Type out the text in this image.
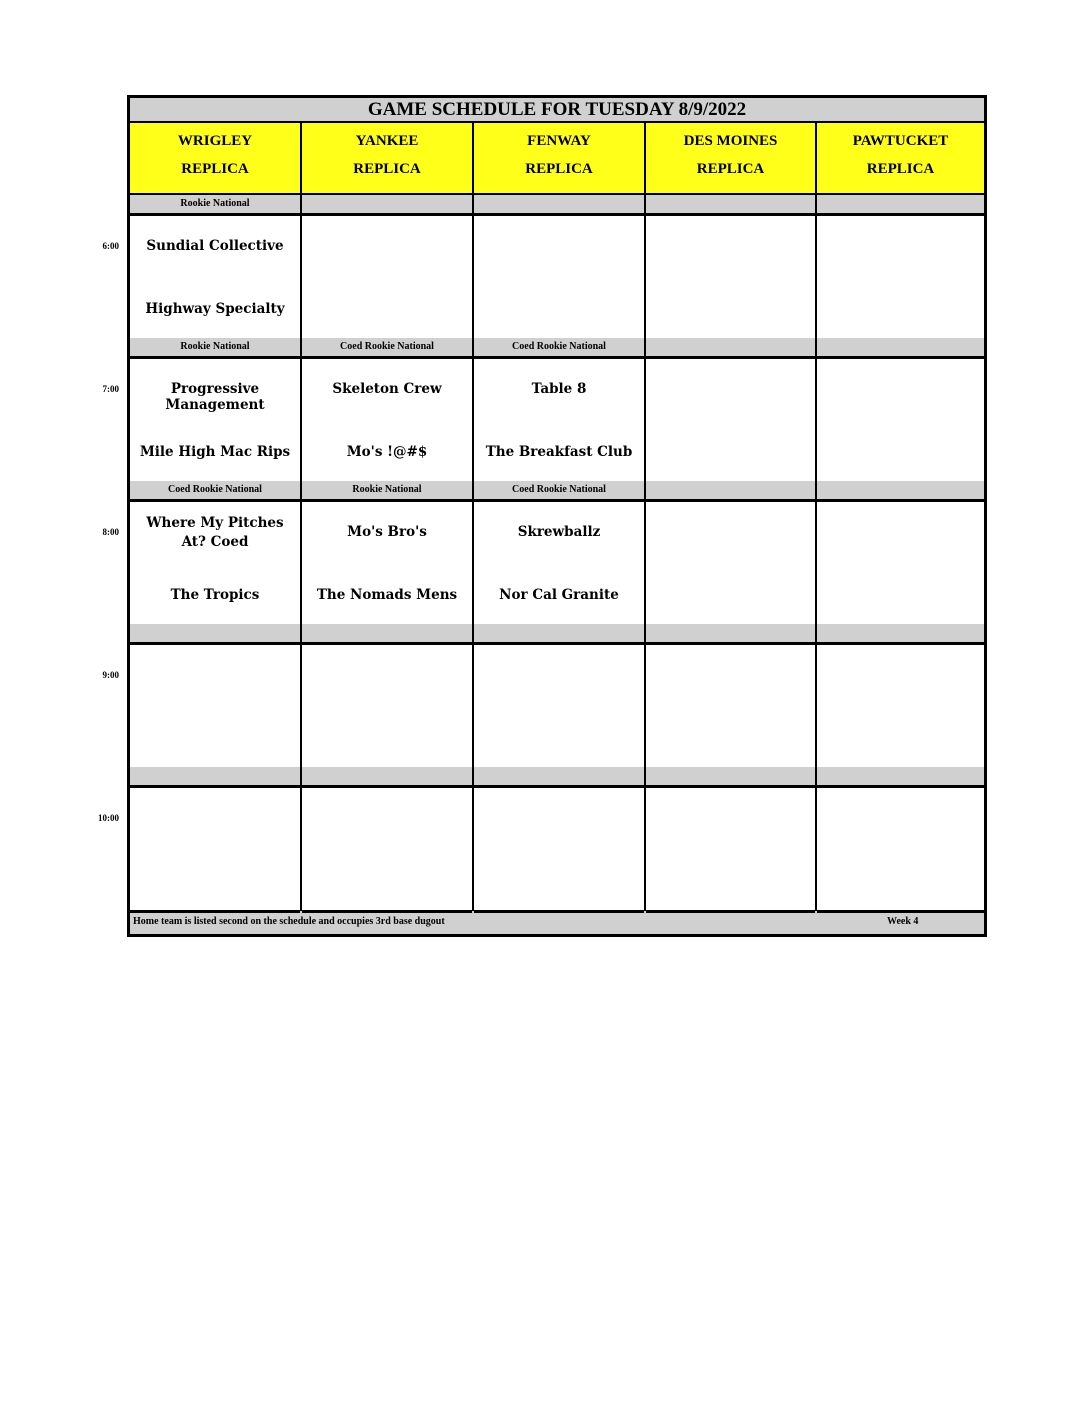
GAME SCHEDULE FOR TUESDAY 8/9/2022
Home team is listed second on the schedule and occupies 3rd base dugout	Week 4
WRIGLEY
REPLICA
YANKEE
REPLICA
FENWAY
REPLICA
DES MOINES
REPLICA
PAWTUCKET
REPLICA
Rookie National
Sundial Collective
Highway Specialty
Rookie National
Progressive Management
Mile High Mac Rips
Coed Rookie National
Skeleton Crew
Mo's !@#$
Coed Rookie National
Table 8
The Breakfast Club
Coed Rookie National
Where My Pitches At? Coed
The Tropics
Rookie National
Mo's Bro's
The Nomads Mens
Coed Rookie National
Skrewballz
Nor Cal Granite
6:00
7:00
8:00
9:00
10:00
